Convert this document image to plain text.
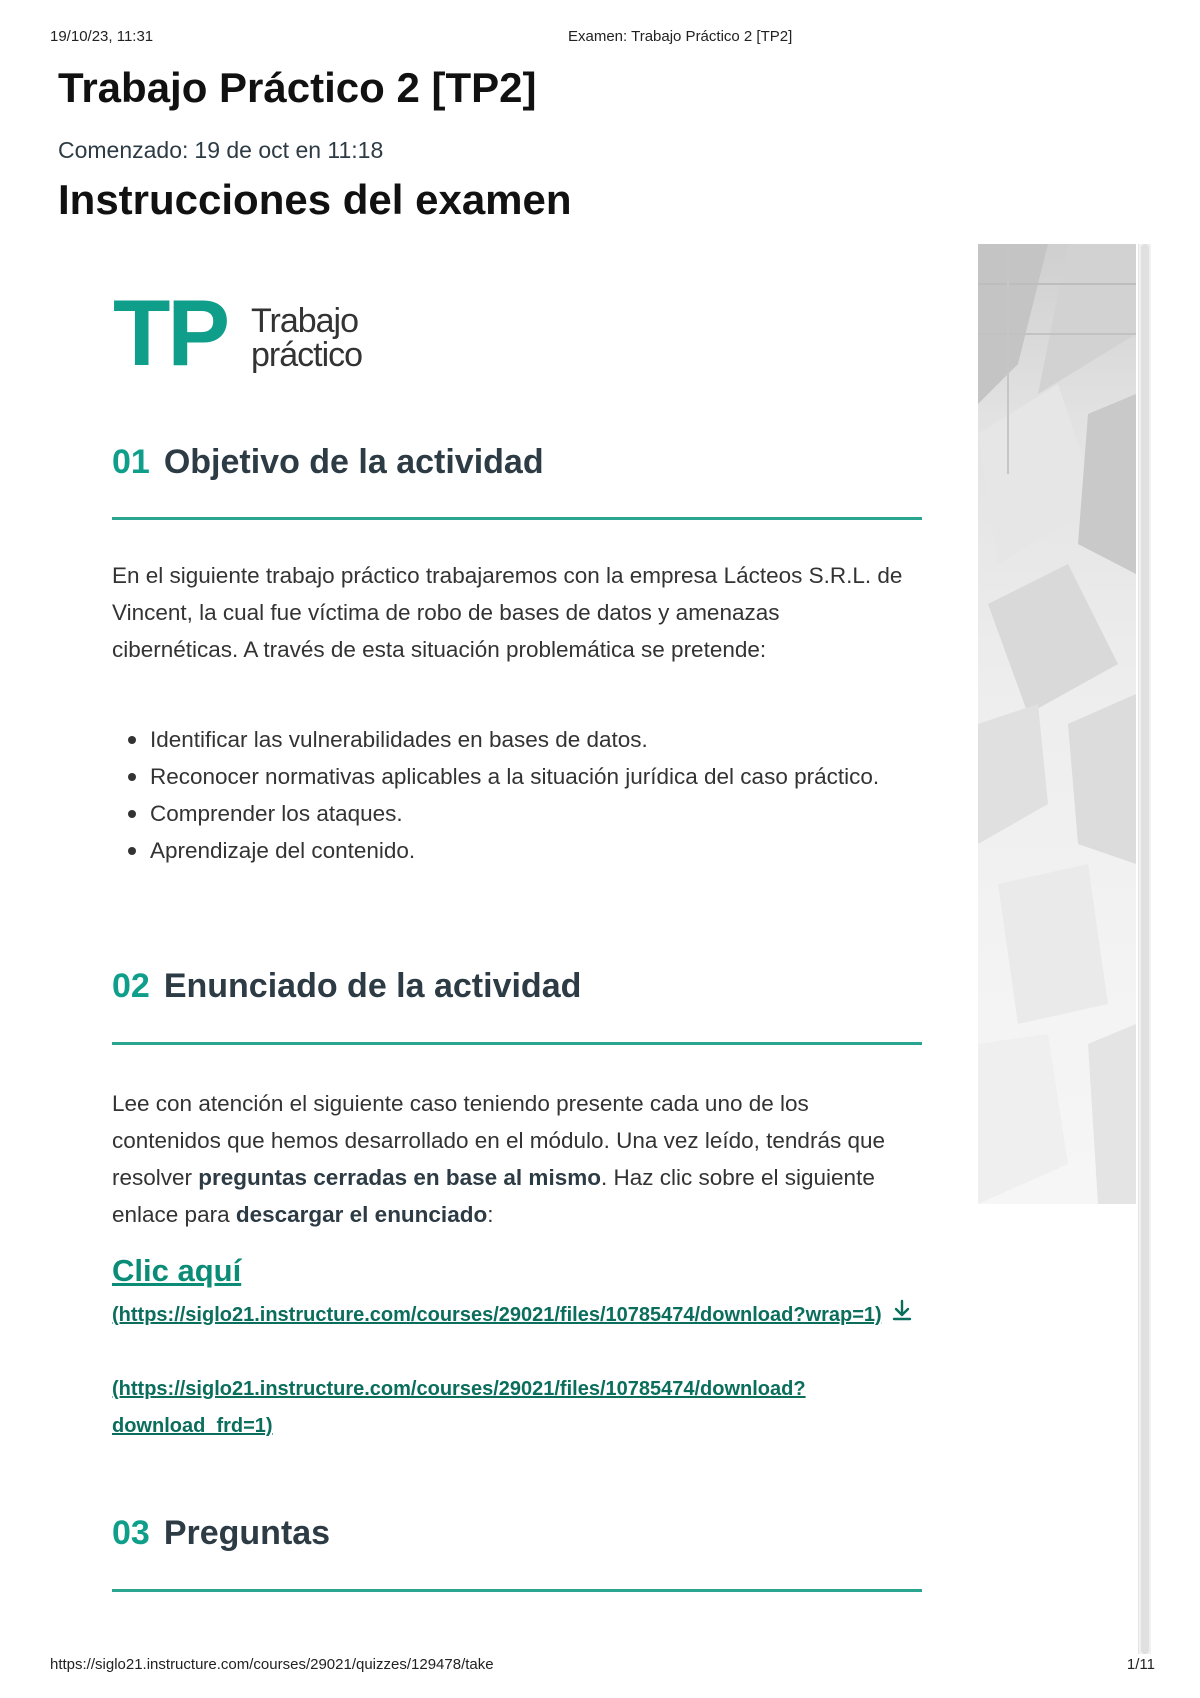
19/10/23, 11:31	Examen: Trabajo Práctico 2 [TP2]
https://siglo21.instructure.com/courses/29021/quizzes/129478/take	1/11
Trabajo Práctico 2 [TP2]
Comenzado: 19 de oct en 11:18
Instrucciones del examen
TP Trabajo
práctico
01 Objetivo de la actividad

En el siguiente trabajo práctico trabajaremos con la empresa Lácteos S.R.L. de Vincent, la cual fue víctima de robo de bases de datos y amenazas cibernéticas. A través de esta situación problemática se pretende:

Identificar las vulnerabilidades en bases de datos.
Reconocer normativas aplicables a la situación jurídica del caso práctico.
Comprender los ataques.
Aprendizaje del contenido.
02 Enunciado de la actividad

Lee con atención el siguiente caso teniendo presente cada uno de los contenidos que hemos desarrollado en el módulo. Una vez leído, tendrás que resolver preguntas cerradas en base al mismo. Haz clic sobre el siguiente enlace para descargar el enunciado:

Clic aquí
(https://siglo21.instructure.com/courses/29021/files/10785474/download?wrap=1)
(https://siglo21.instructure.com/courses/29021/files/10785474/download?download_frd=1)
03 Preguntas
